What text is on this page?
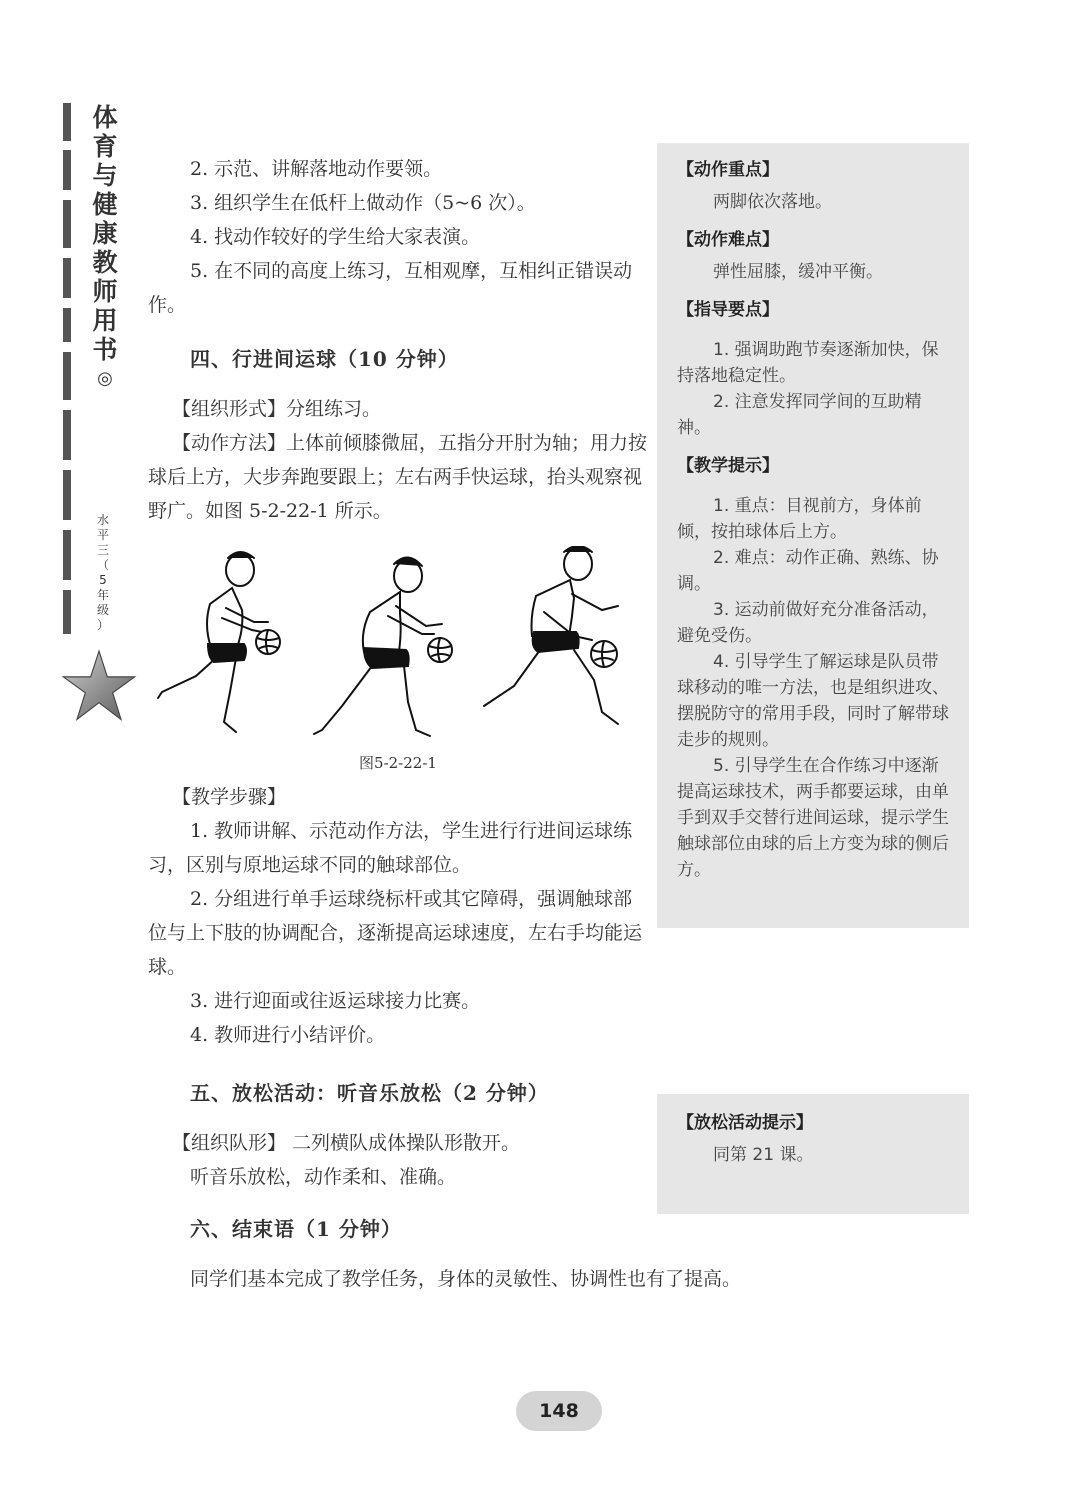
体
育
与
健
康
教
师
用
书
◎
水
平
三
（
5
年
级
）

2. 示范、讲解落地动作要领。

3. 组织学生在低杆上做动作（5~6 次）。

4. 找动作较好的学生给大家表演。

5. 在不同的高度上练习，互相观摩，互相纠正错误动作。

四、行进间运球（10 分钟）

【组织形式】分组练习。

【动作方法】上体前倾膝微屈，五指分开肘为轴；用力按球后上方，大步奔跑要跟上；左右两手快运球，抬头观察视野广。如图 5-2-22-1 所示。

图5-2-22-1

【教学步骤】

1. 教师讲解、示范动作方法，学生进行行进间运球练习，区别与原地运球不同的触球部位。

2. 分组进行单手运球绕标杆或其它障碍，强调触球部位与上下肢的协调配合，逐渐提高运球速度，左右手均能运球。

3. 进行迎面或往返运球接力比赛。

4. 教师进行小结评价。

五、放松活动：听音乐放松（2 分钟）

【组织队形】 二列横队成体操队形散开。

听音乐放松，动作柔和、准确。

六、结束语（1 分钟）

同学们基本完成了教学任务，身体的灵敏性、协调性也有了提高。

【动作重点】

两脚依次落地。

【动作难点】

弹性屈膝，缓冲平衡。

【指导要点】

1. 强调助跑节奏逐渐加快，保持落地稳定性。

2. 注意发挥同学间的互助精神。

【教学提示】

1. 重点：目视前方，身体前倾，按拍球体后上方。

2. 难点：动作正确、熟练、协调。

3. 运动前做好充分准备活动，避免受伤。

4. 引导学生了解运球是队员带球移动的唯一方法，也是组织进攻、摆脱防守的常用手段，同时了解带球走步的规则。

5. 引导学生在合作练习中逐渐提高运球技术，两手都要运球，由单手到双手交替行进间运球，提示学生触球部位由球的后上方变为球的侧后方。

【放松活动提示】

同第 21 课。

148
